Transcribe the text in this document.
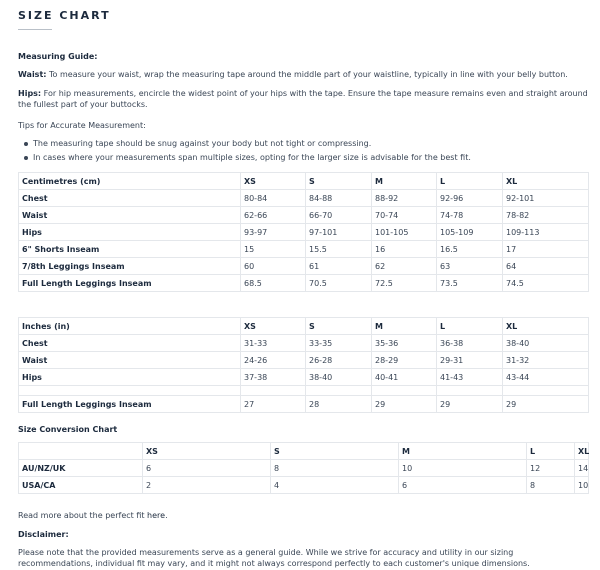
SIZE CHART
Measuring Guide:
Waist: To measure your waist, wrap the measuring tape around the middle part of your waistline, typically in line with your belly button.
Hips: For hip measurements, encircle the widest point of your hips with the tape. Ensure the tape measure remains even and straight around the fullest part of your buttocks.
Tips for Accurate Measurement:
The measuring tape should be snug against your body but not tight or compressing.
In cases where your measurements span multiple sizes, opting for the larger size is advisable for the best fit.
Centimetres (cm)	XS	S	M	L	XL
Chest	80-84	84-88	88-92	92-96	92-101
Waist	62-66	66-70	70-74	74-78	78-82
Hips	93-97	97-101	101-105	105-109	109-113
6" Shorts Inseam	15	15.5	16	16.5	17
7/8th Leggings Inseam	60	61	62	63	64
Full Length Leggings Inseam	68.5	70.5	72.5	73.5	74.5
Inches (in)	XS	S	M	L	XL
Chest	31-33	33-35	35-36	36-38	38-40
Waist	24-26	26-28	28-29	29-31	31-32
Hips	37-38	38-40	40-41	41-43	43-44

Full Length Leggings Inseam	27	28	29	29	29
Size Conversion Chart
	XS	S	M	L	XL
AU/NZ/UK	6	8	10	12	14
USA/CA	2	4	6	8	10
Read more about the perfect fit here.
Disclaimer:
Please note that the provided measurements serve as a general guide. While we strive for accuracy and utility in our sizing recommendations, individual fit may vary, and it might not always correspond perfectly to each customer's unique dimensions.
